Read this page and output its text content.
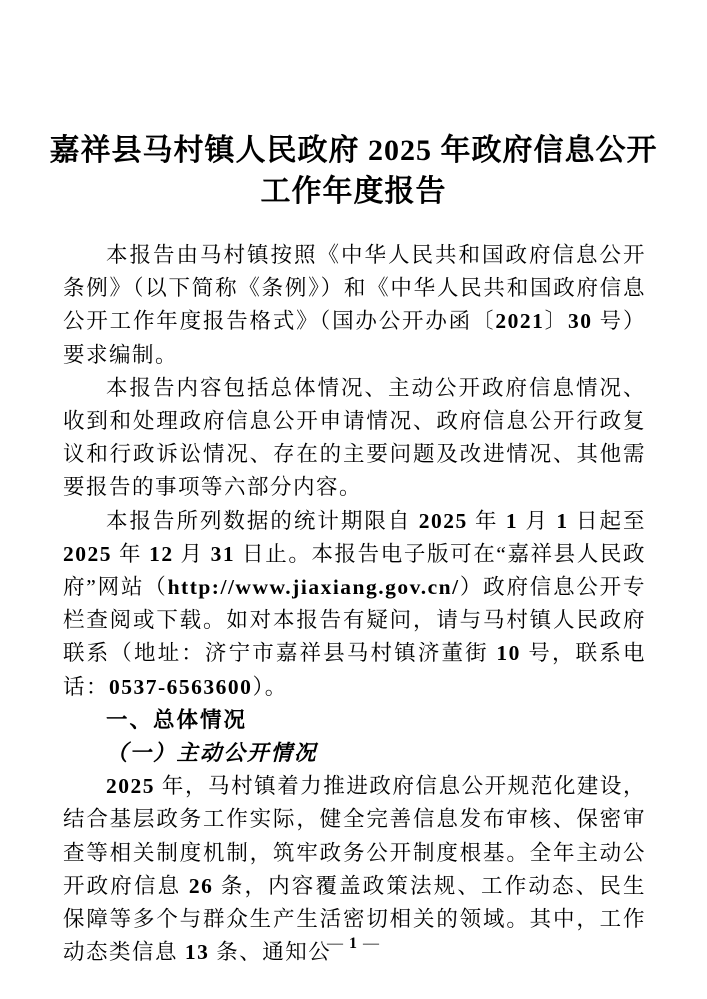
嘉祥县马村镇人民政府 2025 年政府信息公开
工作年度报告

本报告由马村镇按照《中华人民共和国政府信息公开条例》（以下简称《条例》）和《中华人民共和国政府信息公开工作年度报告格式》（国办公开办函〔2021〕30 号）要求编制。

本报告内容包括总体情况、主动公开政府信息情况、收到和处理政府信息公开申请情况、政府信息公开行政复议和行政诉讼情况、存在的主要问题及改进情况、其他需要报告的事项等六部分内容。

本报告所列数据的统计期限自 2025 年 1 月 1 日起至 2025 年 12 月 31 日止。本报告电子版可在“嘉祥县人民政府”网站（http://www.jiaxiang.gov.cn/）政府信息公开专栏查阅或下载。如对本报告有疑问，请与马村镇人民政府联系（地址：济宁市嘉祥县马村镇济董街 10 号，联系电话：0537-6563600）。

一、总体情况

（一）主动公开情况

2025 年，马村镇着力推进政府信息公开规范化建设，结合基层政务工作实际，健全完善信息发布审核、保密审查等相关制度机制，筑牢政务公开制度根基。全年主动公开政府信息 26 条，内容覆盖政策法规、工作动态、民生保障等多个与群众生产生活密切相关的领域。其中，工作动态类信息 13 条、通知公

— 1 —
